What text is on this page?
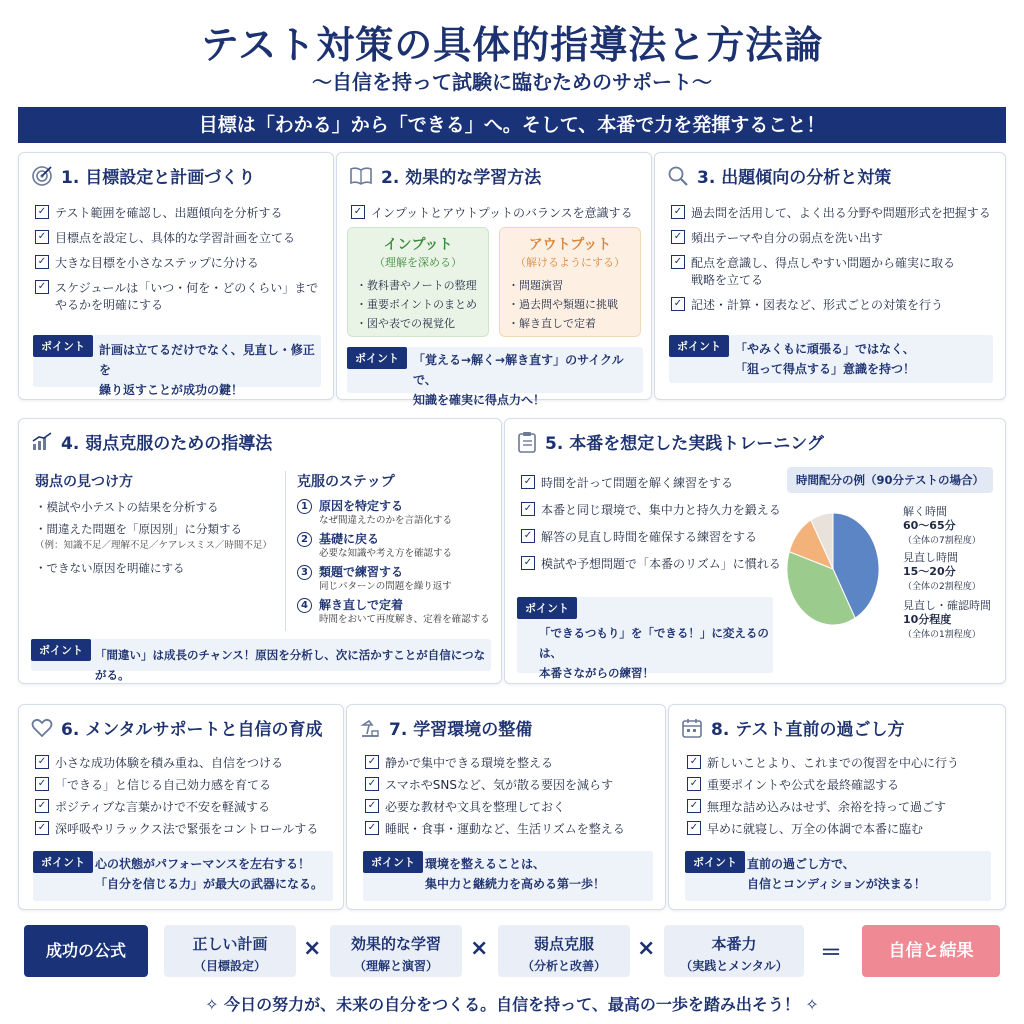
テスト対策の具体的指導法と方法論
〜自信を持って試験に臨むためのサポート〜
目標は「わかる」から「できる」へ。そして、本番で力を発揮すること！
1. 目標設定と計画づくり
✓ テスト範囲を確認し、出題傾向を分析する
✓ 目標点を設定し、具体的な学習計画を立てる
✓ 大きな目標を小さなステップに分ける
✓ スケジュールは「いつ・何を・どのくらい」まで
やるかを明確にする
ポイント	計画は立てるだけでなく、見直し・修正を
繰り返すことが成功の鍵！
2. 効果的な学習方法
✓ インプットとアウトプットのバランスを意識する
インプット
（理解を深める）
・教科書やノートの整理
・重要ポイントのまとめ
・図や表での視覚化
アウトプット
（解けるようにする）
・問題演習
・過去問や類題に挑戦
・解き直しで定着
ポイント	「覚える→解く→解き直す」のサイクルで、
知識を確実に得点力へ！
3. 出題傾向の分析と対策
✓ 過去問を活用して、よく出る分野や問題形式を把握する
✓ 頻出テーマや自分の弱点を洗い出す
✓ 配点を意識し、得点しやすい問題から確実に取る
戦略を立てる
✓ 記述・計算・図表など、形式ごとの対策を行う
ポイント	「やみくもに頑張る」ではなく、
「狙って得点する」意識を持つ！
4. 弱点克服のための指導法
弱点の見つけ方
・模試や小テストの結果を分析する
・間違えた問題を「原因別」に分類する
（例：知識不足／理解不足／ケアレスミス／時間不足）
・できない原因を明確にする
克服のステップ
1 原因を特定する
なぜ間違えたのかを言語化する
2 基礎に戻る
必要な知識や考え方を確認する
3 類題で練習する
同じパターンの問題を繰り返す
4 解き直しで定着
時間をおいて再度解き、定着を確認する
ポイント	「間違い」は成長のチャンス！原因を分析し、次に活かすことが自信につながる。
5. 本番を想定した実践トレーニング
✓ 時間を計って問題を解く練習をする
✓ 本番と同じ環境で、集中力と持久力を鍛える
✓ 解答の見直し時間を確保する練習をする
✓ 模試や予想問題で「本番のリズム」に慣れる
時間配分の例（90分テストの場合）
解く時間
60〜65分
（全体の7割程度）
見直し時間
15〜20分
（全体の2割程度）
見直し・確認時間
10分程度
（全体の1割程度）
ポイント
「できるつもり」を「できる！」に変えるのは、
本番さながらの練習！
6. メンタルサポートと自信の育成
✓ 小さな成功体験を積み重ね、自信をつける
✓ 「できる」と信じる自己効力感を育てる
✓ ポジティブな言葉かけで不安を軽減する
✓ 深呼吸やリラックス法で緊張をコントロールする
ポイント 心の状態がパフォーマンスを左右する！
「自分を信じる力」が最大の武器になる。
7. 学習環境の整備
✓ 静かで集中できる環境を整える
✓ スマホやSNSなど、気が散る要因を減らす
✓ 必要な教材や文具を整理しておく
✓ 睡眠・食事・運動など、生活リズムを整える
ポイント 環境を整えることは、
集中力と継続力を高める第一歩！
8. テスト直前の過ごし方
✓ 新しいことより、これまでの復習を中心に行う
✓ 重要ポイントや公式を最終確認する
✓ 無理な詰め込みはせず、余裕を持って過ごす
✓ 早めに就寝し、万全の体調で本番に臨む
ポイント 直前の過ごし方で、
自信とコンディションが決まる！
成功の公式	正しい計画
（目標設定）
×	効果的な学習
（理解と演習）
×	弱点克服
（分析と改善）
×	本番力
（実践とメンタル）	＝	自信と結果
✧ 今日の努力が、未来の自分をつくる。自信を持って、最高の一歩を踏み出そう！ ✧
